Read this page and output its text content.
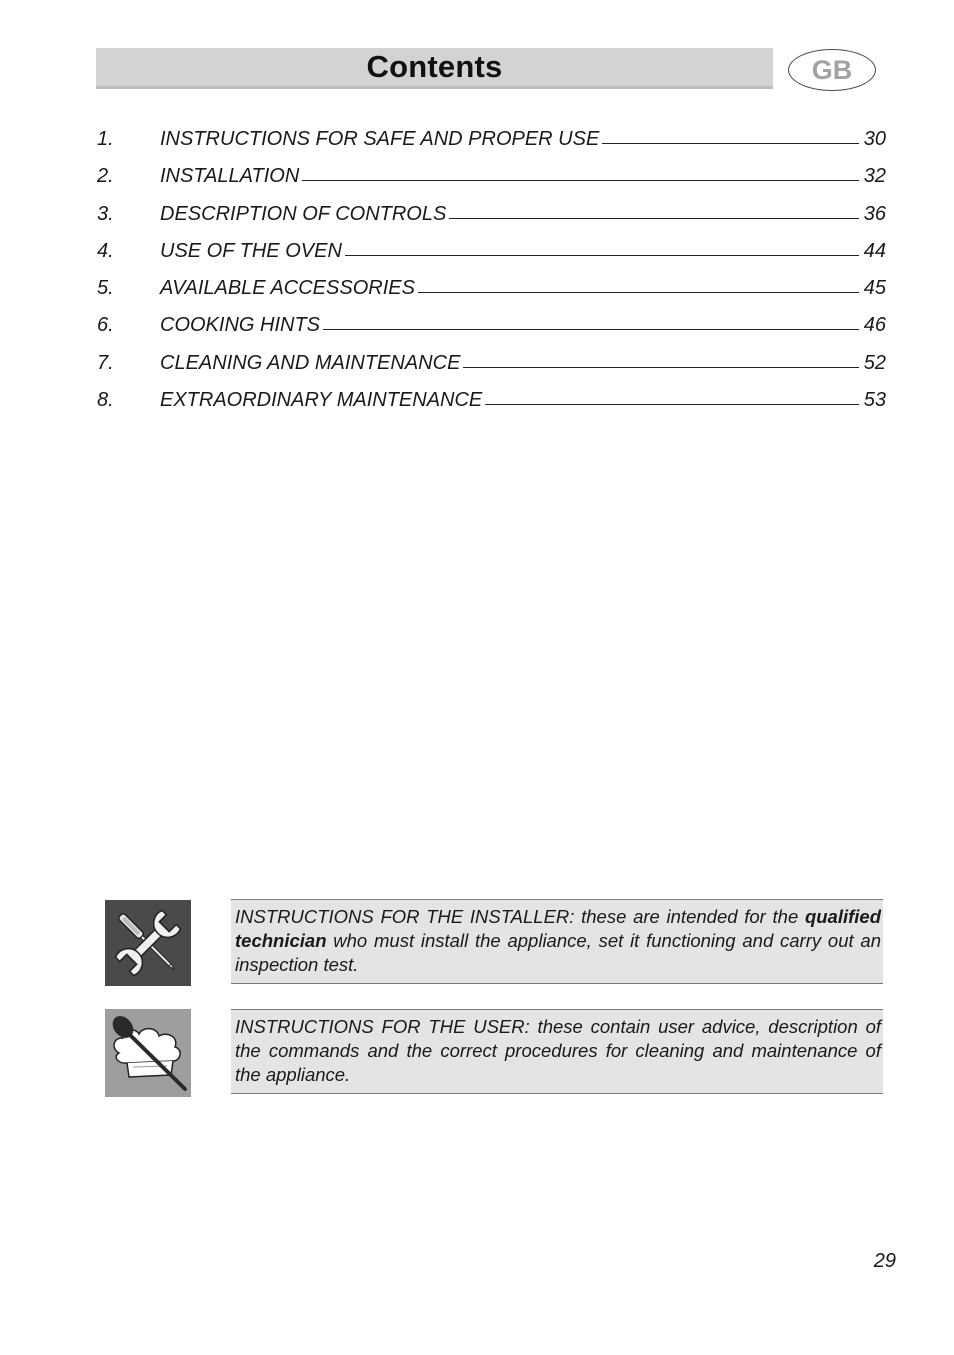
Contents	GB
1.	INSTRUCTIONS FOR SAFE AND PROPER USE	30
2.	INSTALLATION	32
3.	DESCRIPTION OF CONTROLS	36
4.	USE OF THE OVEN	44
5.	AVAILABLE ACCESSORIES	45
6.	COOKING HINTS	46
7.	CLEANING AND MAINTENANCE	52
8.	EXTRAORDINARY MAINTENANCE	53
INSTRUCTIONS FOR THE INSTALLER: these are intended for the qualified technician who must install the appliance, set it functioning and carry out an inspection test.
INSTRUCTIONS FOR THE USER: these contain user advice, description of the commands and the correct procedures for cleaning and maintenance of the appliance.
29
